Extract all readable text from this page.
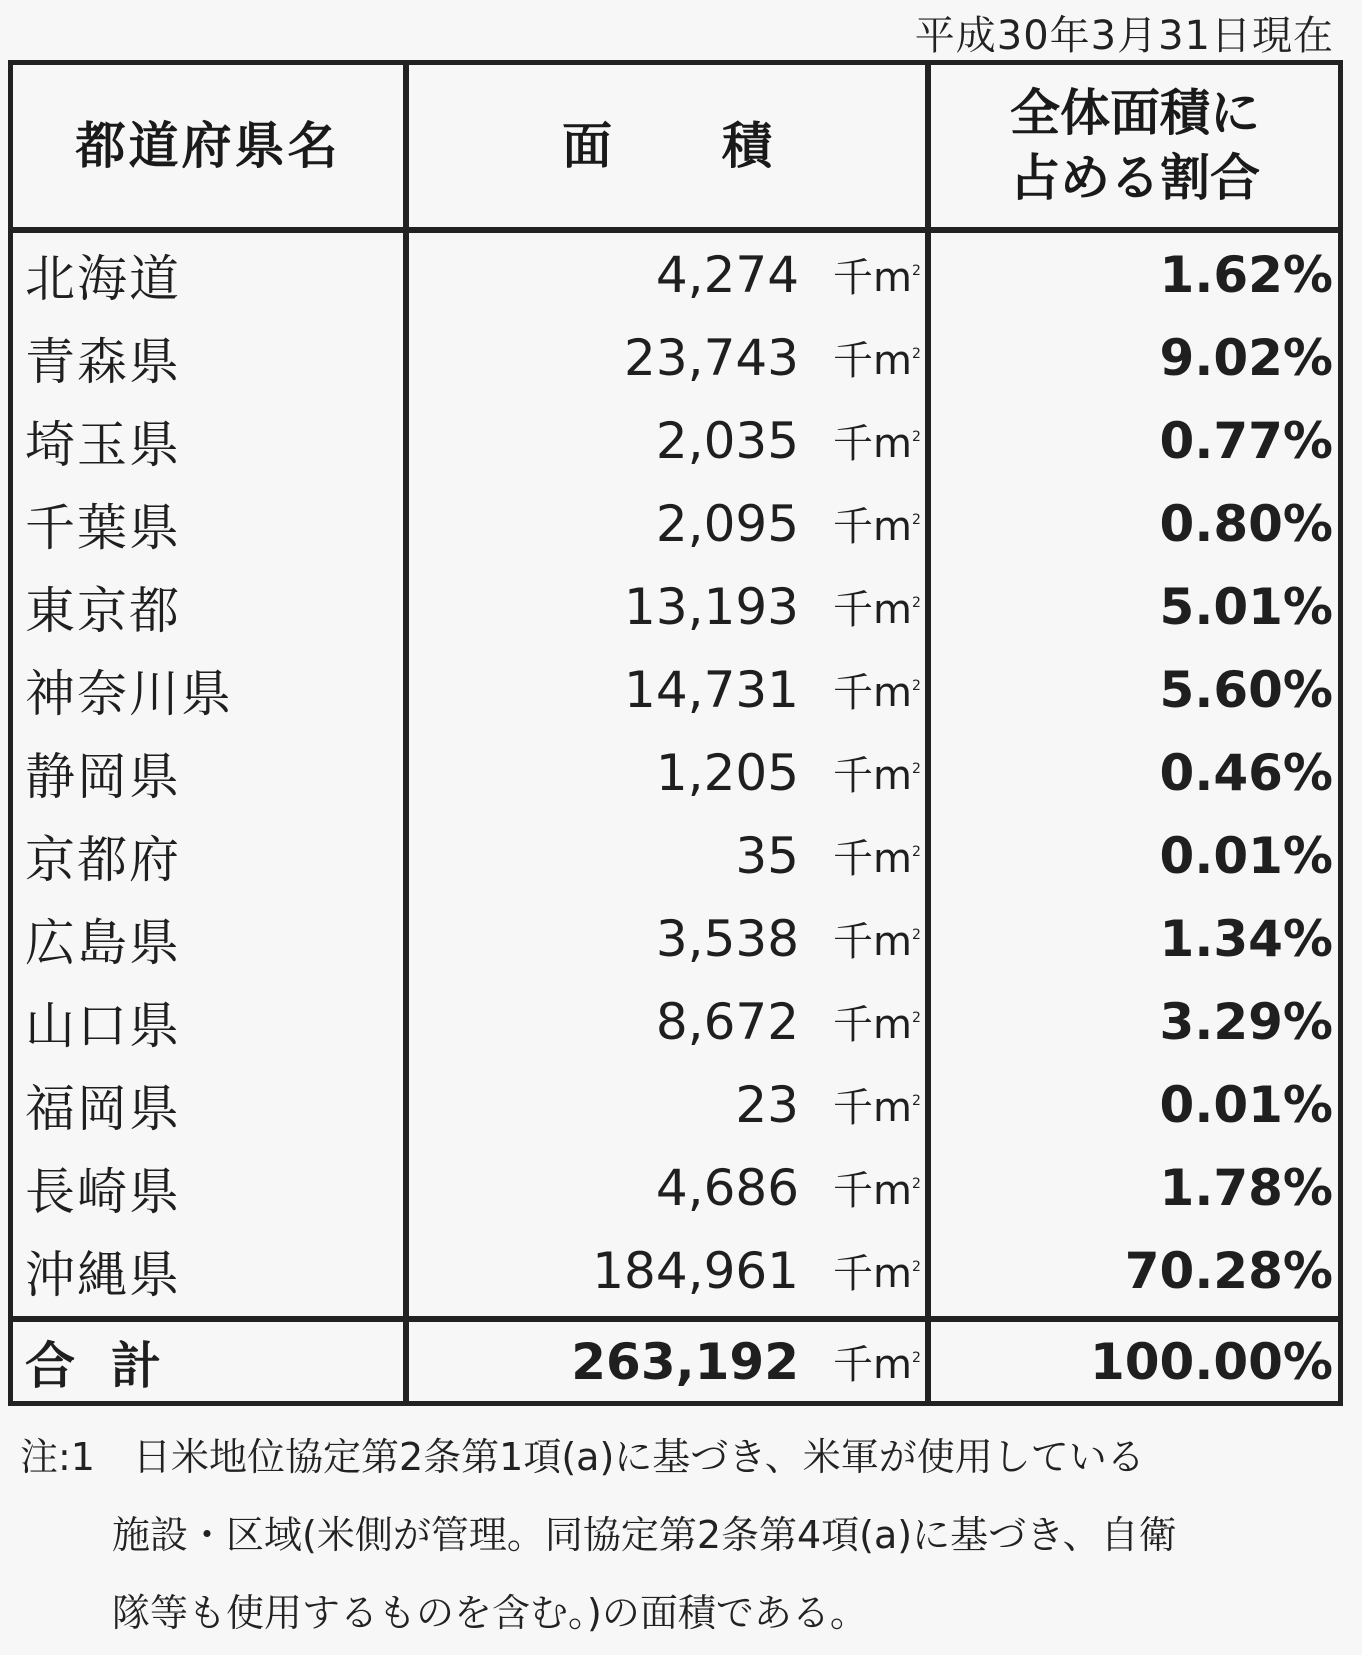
平成30年3月31日現在
都道府県名	面 積
全体面積に
占める割合
北海道	4,274 千$m^2$	1.62%
青森県	23,743 千$m^2$	9.02%
埼玉県	2,035 千$m^2$	0.77%
千葉県	2,095 千$m^2$	0.80%
東京都	13,193 千$m^2$	5.01%
神奈川県	14,731 千$m^2$	5.60%
静岡県	1,205 千$m^2$	0.46%
京都府	35 千$m^2$	0.01%
広島県	3,538 千$m^2$	1.34%
山口県	8,672 千$m^2$	3.29%
福岡県	23 千$m^2$	0.01%
長崎県	4,686 千$m^2$	1.78%
沖縄県	184,961 千$m^2$	70.28%
合 計	263,192 千$m^2$	100.00%
注:1　日米地位協定第2条第1項(a)に基づき、米軍が使用している
施設・区域(米側が管理。同協定第2条第4項(a)に基づき、自衛
隊等も使用するものを含む。)の面積である。
